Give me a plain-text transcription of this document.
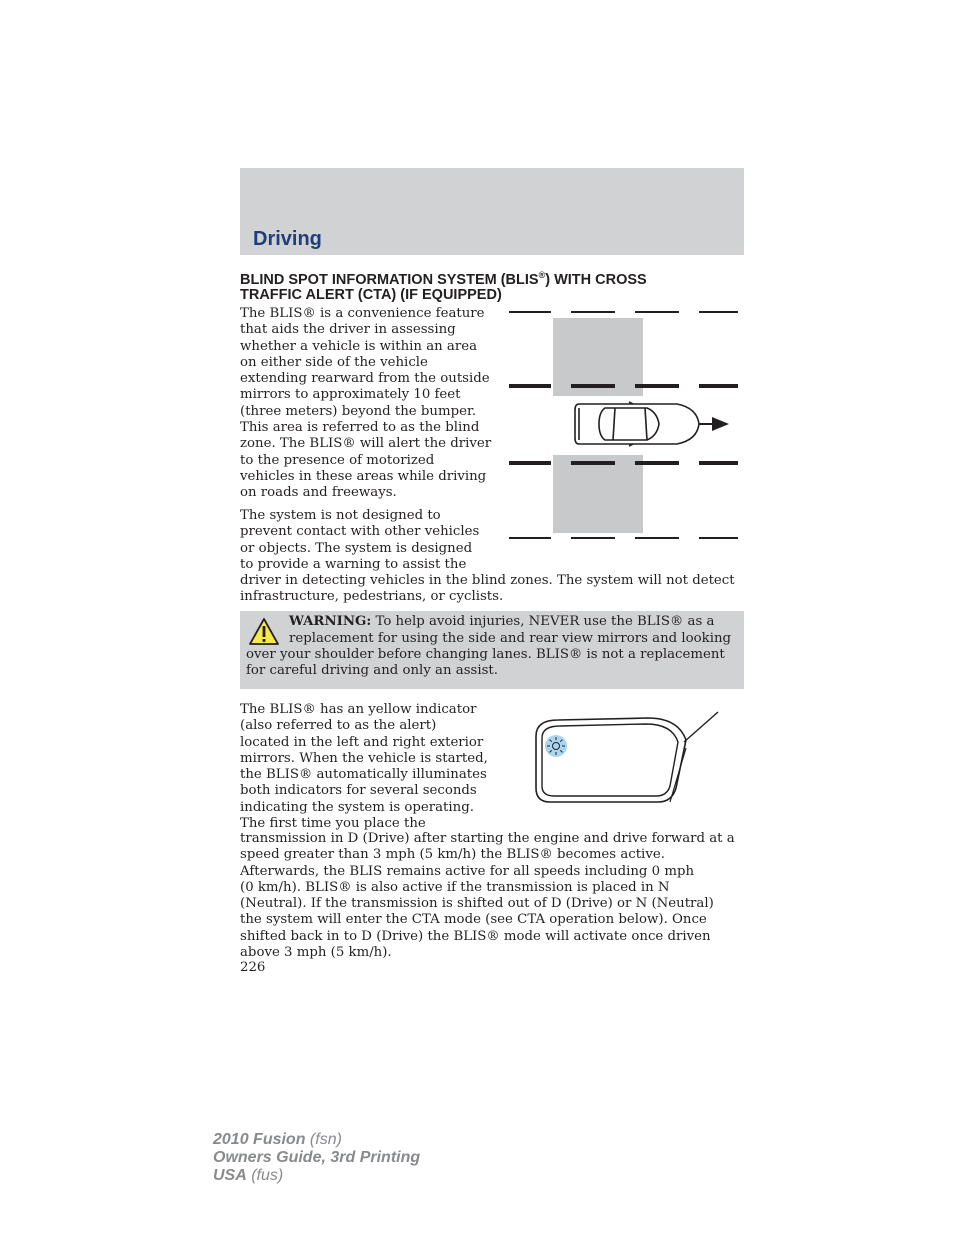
Driving
BLIND SPOT INFORMATION SYSTEM (BLIS®) WITH CROSS
TRAFFIC ALERT (CTA) (IF EQUIPPED)
The BLIS® is a convenience feature
that aids the driver in assessing
whether a vehicle is within an area
on either side of the vehicle
extending rearward from the outside
mirrors to approximately 10 feet
(three meters) beyond the bumper.
This area is referred to as the blind
zone. The BLIS® will alert the driver
to the presence of motorized
vehicles in these areas while driving
on roads and freeways.
The system is not designed to
prevent contact with other vehicles
or objects. The system is designed
to provide a warning to assist the
driver in detecting vehicles in the blind zones. The system will not detect
infrastructure, pedestrians, or cyclists.
WARNING: To help avoid injuries, NEVER use the BLIS® as a
replacement for using the side and rear view mirrors and looking
over your shoulder before changing lanes. BLIS® is not a replacement
for careful driving and only an assist.
The BLIS® has an yellow indicator
(also referred to as the alert)
located in the left and right exterior
mirrors. When the vehicle is started,
the BLIS® automatically illuminates
both indicators for several seconds
indicating the system is operating.
The first time you place the
transmission in D (Drive) after starting the engine and drive forward at a
speed greater than 3 mph (5 km/h) the BLIS® becomes active.
Afterwards, the BLIS remains active for all speeds including 0 mph
(0 km/h). BLIS® is also active if the transmission is placed in N
(Neutral). If the transmission is shifted out of D (Drive) or N (Neutral)
the system will enter the CTA mode (see CTA operation below). Once
shifted back in to D (Drive) the BLIS® mode will activate once driven
above 3 mph (5 km/h).
226
2010 Fusion (fsn)
Owners Guide, 3rd Printing
USA (fus)
